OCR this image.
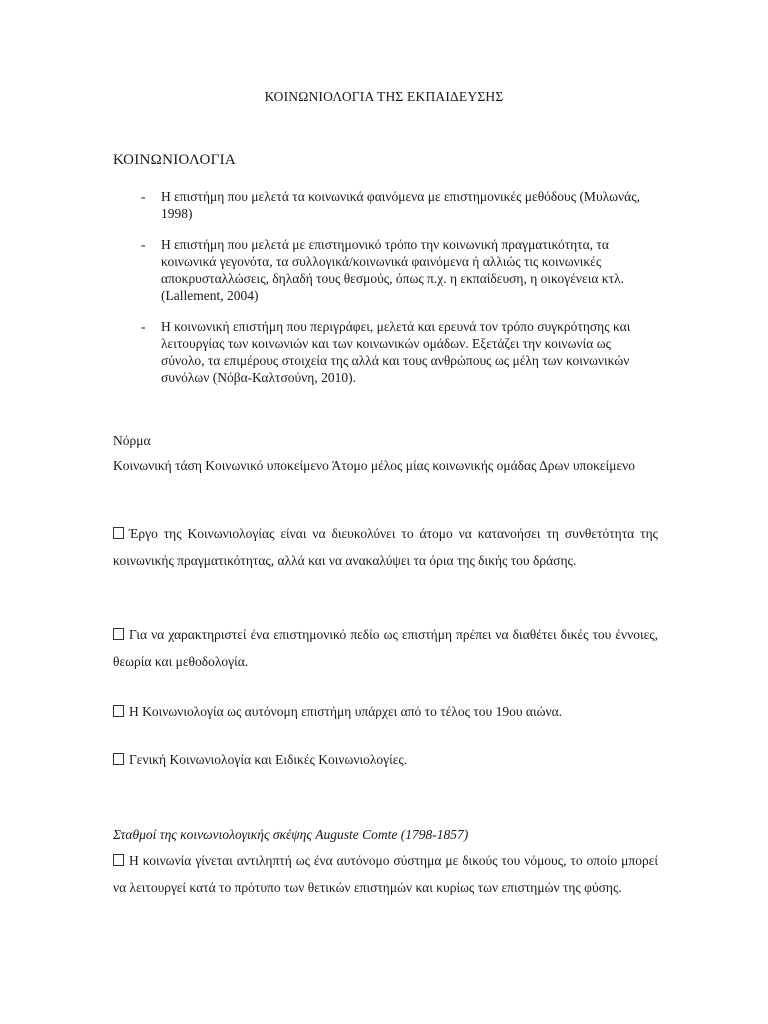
ΚΟΙΝΩΝΙΟΛΟΓΙΑ ΤΗΣ ΕΚΠΑΙΔΕΥΣΗΣ
ΚΟΙΝΩΝΙΟΛΟΓΙΑ
-	Η επιστήμη που μελετά τα κοινωνικά φαινόμενα με επιστημονικές μεθόδους (Μυλωνάς, 1998)
-	Η επιστήμη που μελετά με επιστημονικό τρόπο την κοινωνική πραγματικότητα, τα κοινωνικά γεγονότα, τα συλλογικά/κοινωνικά φαινόμενα ή αλλιώς τις κοινωνικές αποκρυσταλλώσεις, δηλαδή τους θεσμούς, όπως π.χ. η εκπαίδευση, η οικογένεια κτλ. (Lallement, 2004)
-	Η κοινωνική επιστήμη που περιγράφει, μελετά και ερευνά τον τρόπο συγκρότησης και λειτουργίας των κοινωνιών και των κοινωνικών ομάδων. Εξετάζει την κοινωνία ως σύνολο, τα επιμέρους στοιχεία της αλλά και τους ανθρώπους ως μέλη των κοινωνικών συνόλων (Νόβα-Καλτσούνη, 2010).
Νόρμα
Κοινωνική τάση Κοινωνικό υποκείμενο Άτομο μέλος μίας κοινωνικής ομάδας Δρων υποκείμενο
Έργο της Κοινωνιολογίας είναι να διευκολύνει το άτομο να κατανοήσει τη συνθετότητα της κοινωνικής πραγματικότητας, αλλά και να ανακαλύψει τα όρια της δικής του δράσης.
Για να χαρακτηριστεί ένα επιστημονικό πεδίο ως επιστήμη πρέπει να διαθέτει δικές του έννοιες, θεωρία και μεθοδολογία.
Η Κοινωνιολογία ως αυτόνομη επιστήμη υπάρχει από το τέλος του 19ου αιώνα.
Γενική Κοινωνιολογία και Ειδικές Κοινωνιολογίες.
Σταθμοί της κοινωνιολογικής σκέψης Auguste Comte (1798-1857)
Η κοινωνία γίνεται αντιληπτή ως ένα αυτόνομο σύστημα με δικούς του νόμους, το οποίο μπορεί να λειτουργεί κατά το πρότυπο των θετικών επιστημών και κυρίως των επιστημών της φύσης.
